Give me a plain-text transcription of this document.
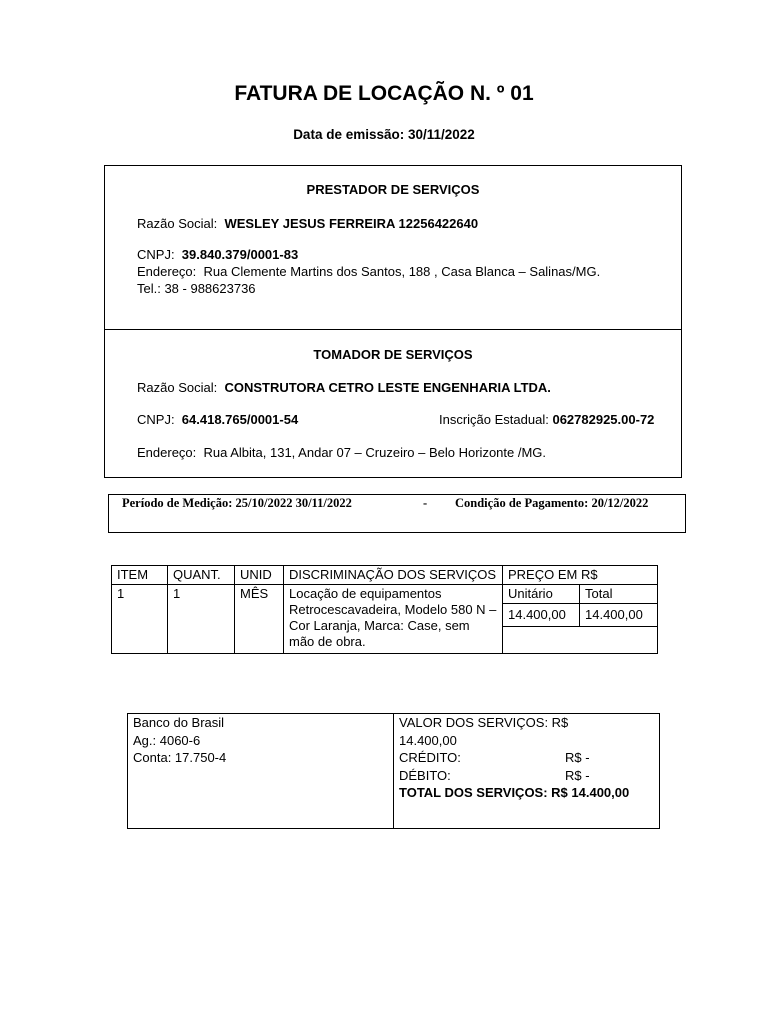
FATURA DE LOCAÇÃO N. º 01
Data de emissão: 30/11/2022
PRESTADOR DE SERVIÇOS
Razão Social: WESLEY JESUS FERREIRA 12256422640
CNPJ: 39.840.379/0001-83
Endereço: Rua Clemente Martins dos Santos, 188 , Casa Blanca – Salinas/MG.
Tel.: 38 - 988623736
TOMADOR DE SERVIÇOS
Razão Social: CONSTRUTORA CETRO LESTE ENGENHARIA LTDA.
CNPJ: 64.418.765/0001-54	Inscrição Estadual: 062782925.00-72
Endereço: Rua Albita, 131, Andar 07 – Cruzeiro – Belo Horizonte /MG.
Período de Medição: 25/10/2022 30/11/2022	- Condição de Pagamento: 20/12/2022
ITEM	QUANT.	UNID	DISCRIMINAÇÃO DOS SERVIÇOS	PREÇO EM R$
1	1	MÊS	Locação de equipamentos Retrocescavadeira, Modelo 580 N – Cor Laranja, Marca: Case, sem mão de obra.	
Unitário	Total
14.400,00	14.400,00

Banco do Brasil
Ag.: 4060-6
Conta: 17.750-4
VALOR DOS SERVIÇOS: R$
14.400,00
CRÉDITO:	R$ -
DÉBITO:	R$ -
TOTAL DOS SERVIÇOS: R$ 14.400,00
